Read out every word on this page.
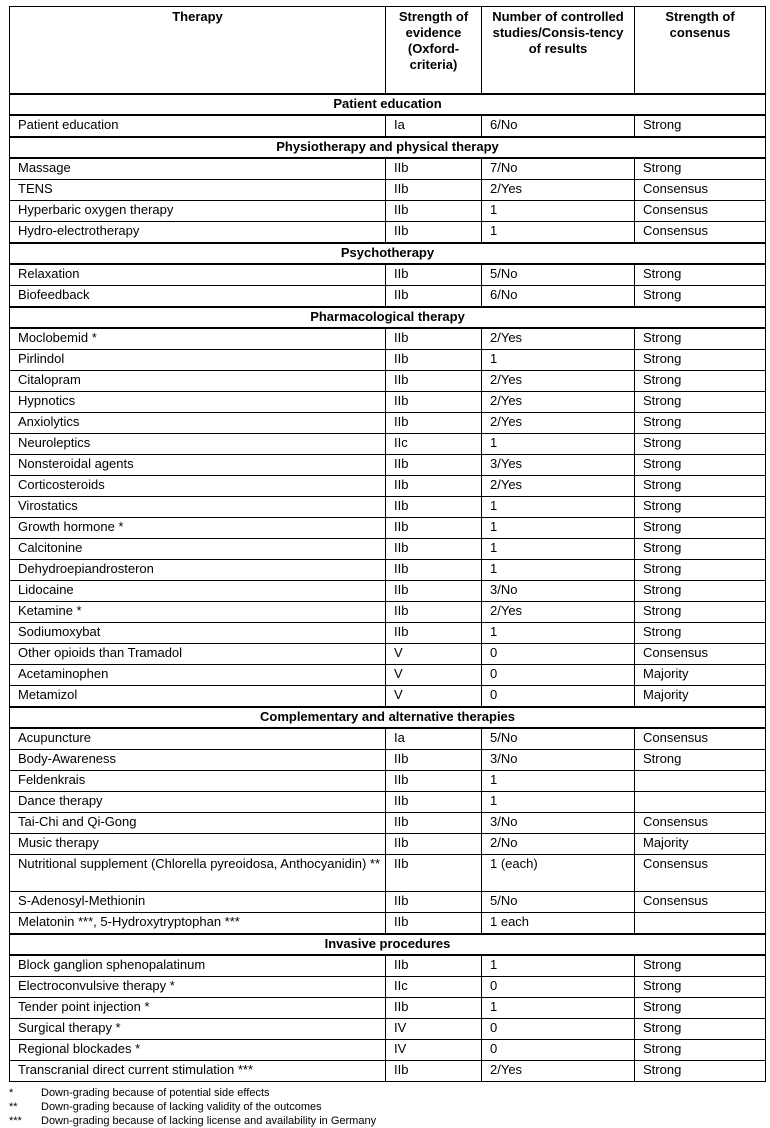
Therapy	Strength of evidence (Oxford-criteria)	Number of controlled studies/Consis-tency of results	Strength of consenus
Patient education			
Patient education	Ia	6/No	Strong
Physiotherapy and physical therapy			
Massage	IIb	7/No	Strong
TENS	IIb	2/Yes	Consensus
Hyperbaric oxygen therapy	IIb	1	Consensus
Hydro-electrotherapy	IIb	1	Consensus
Psychotherapy			
Relaxation	IIb	5/No	Strong
Biofeedback	IIb	6/No	Strong
Pharmacological therapy			
Moclobemid *	IIb	2/Yes	Strong
Pirlindol	IIb	1	Strong
Citalopram	IIb	2/Yes	Strong
Hypnotics	IIb	2/Yes	Strong
Anxiolytics	IIb	2/Yes	Strong
Neuroleptics	IIc	1	Strong
Nonsteroidal agents	IIb	3/Yes	Strong
Corticosteroids	IIb	2/Yes	Strong
Virostatics	IIb	1	Strong
Growth hormone *	IIb	1	Strong
Calcitonine	IIb	1	Strong
Dehydroepiandrosteron	IIb	1	Strong
Lidocaine	IIb	3/No	Strong
Ketamine *	IIb	2/Yes	Strong
Sodiumoxybat	IIb	1	Strong
Other opioids than Tramadol	V	0	Consensus
Acetaminophen	V	0	Majority
Metamizol	V	0	Majority
Complementary and alternative therapies			
Acupuncture	Ia	5/No	Consensus
Body-Awareness	IIb	3/No	Strong
Feldenkrais	IIb	1	
Dance therapy	IIb	1	
Tai-Chi and Qi-Gong	IIb	3/No	Consensus
Music therapy	IIb	2/No	Majority
Nutritional supplement (Chlorella pyreoidosa, Anthocyanidin) **	IIb	1 (each)	Consensus
S-Adenosyl-Methionin	IIb	5/No	Consensus
Melatonin ***, 5-Hydroxytryptophan ***	IIb	1 each	
Invasive procedures			
Block ganglion sphenopalatinum	IIb	1	Strong
Electroconvulsive therapy *	IIc	0	Strong
Tender point injection *	IIb	1	Strong
Surgical therapy *	IV	0	Strong
Regional blockades *	IV	0	Strong
Transcranial direct current stimulation ***	IIb	2/Yes	Strong
*	Down-grading because of potential side effects
**	Down-grading because of lacking validity of the outcomes
***	Down-grading because of lacking license and availability in Germany
